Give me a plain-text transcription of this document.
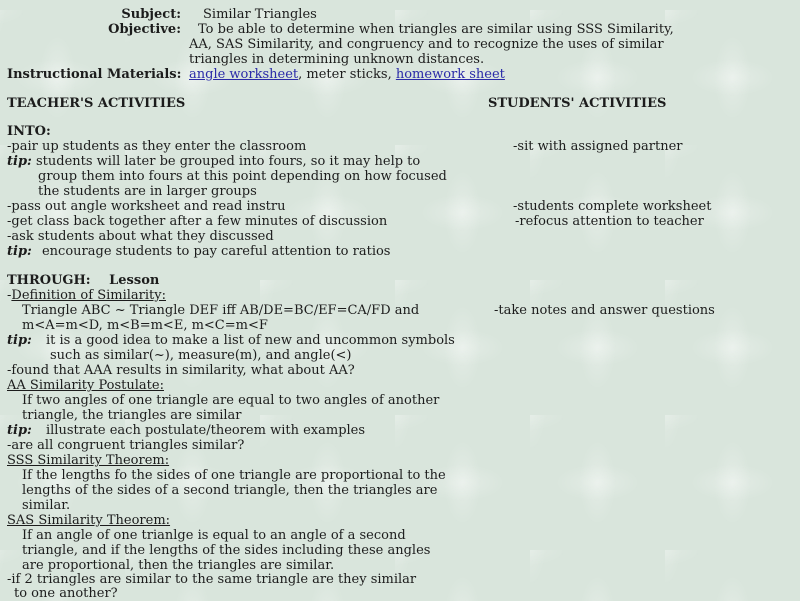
Subject: Similar Triangles
Objective: To be able to determine when triangles are similar using SSS Similarity,
AA, SAS Similarity, and congruency and to recognize the uses of similar
triangles in determining unknown distances.
Instructional Materials: angle worksheet, meter sticks, homework sheet
TEACHER'S ACTIVITIES	STUDENTS' ACTIVITIES
INTO:
-pair up students as they enter the classroom	-sit with assigned partner
tip: students will later be grouped into fours, so it may help to
group them into fours at this point depending on how focused
the students are in larger groups
-pass out angle worksheet and read instru	-students complete worksheet
-get class back together after a few minutes of discussion	-refocus attention to teacher
-ask students about what they discussed
tip: encourage students to pay careful attention to ratios
THROUGH: Lesson
-Definition of Similarity:
Triangle ABC ~ Triangle DEF iff AB/DE=BC/EF=CA/FD and	-take notes and answer questions
m<A=m<D, m<B=m<E, m<C=m<F
tip: it is a good idea to make a list of new and uncommon symbols
such as similar(~), measure(m), and angle(<)
-found that AAA results in similarity, what about AA?
AA Similarity Postulate:
If two angles of one triangle are equal to two angles of another
triangle, the triangles are similar
tip: illustrate each postulate/theorem with examples
-are all congruent triangles similar?
SSS Similarity Theorem:
If the lengths fo the sides of one triangle are proportional to the
lengths of the sides of a second triangle, then the triangles are
similar.
SAS Similarity Theorem:
If an angle of one trianlge is equal to an angle of a second
triangle, and if the lengths of the sides including these angles
are proportional, then the triangles are similar.
-if 2 triangles are similar to the same triangle are they similar
to one another?
